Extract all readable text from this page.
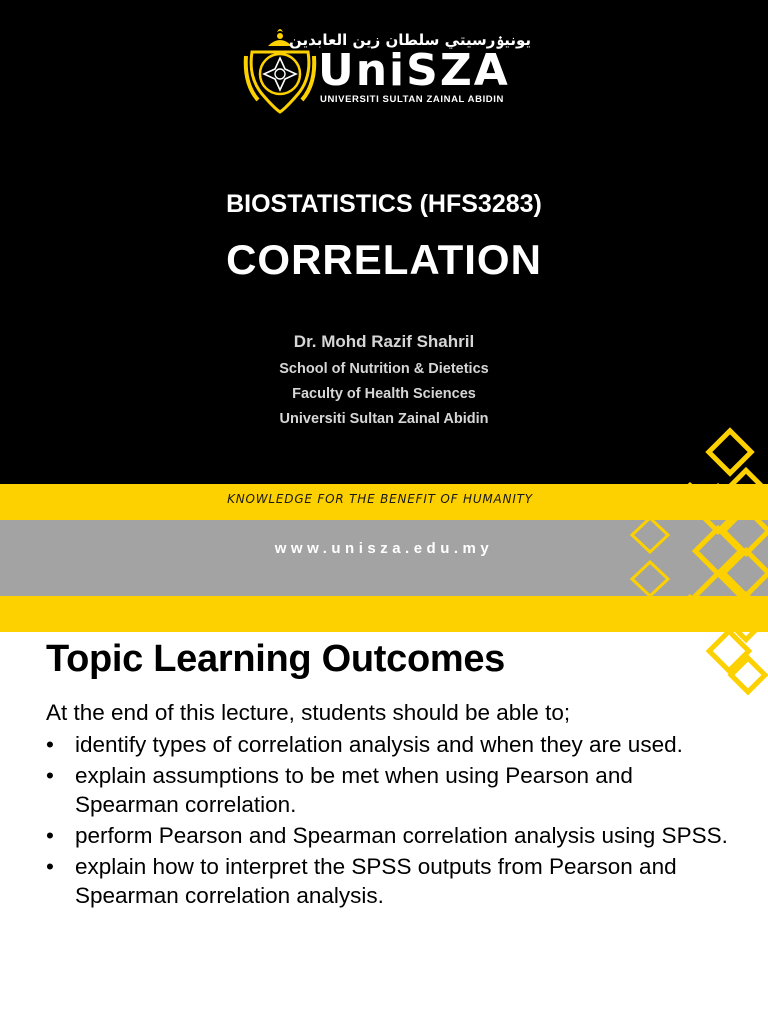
يونيۏرسيتي سلطان زين العابدين
UniSZA
UNIVERSITI SULTAN ZAINAL ABIDIN
BIOSTATISTICS (HFS3283)
CORRELATION
Dr. Mohd Razif Shahril
School of Nutrition & Dietetics
Faculty of Health Sciences
Universiti Sultan Zainal Abidin
KNOWLEDGE FOR THE BENEFIT OF HUMANITY
www.unisza.edu.my
Topic Learning Outcomes
At the end of this lecture, students should be able to;
• identify types of correlation analysis and when they are used.
• explain assumptions to be met when using Pearson and Spearman correlation.
• perform Pearson and Spearman correlation analysis using SPSS.
• explain how to interpret the SPSS outputs from Pearson and Spearman correlation analysis.
